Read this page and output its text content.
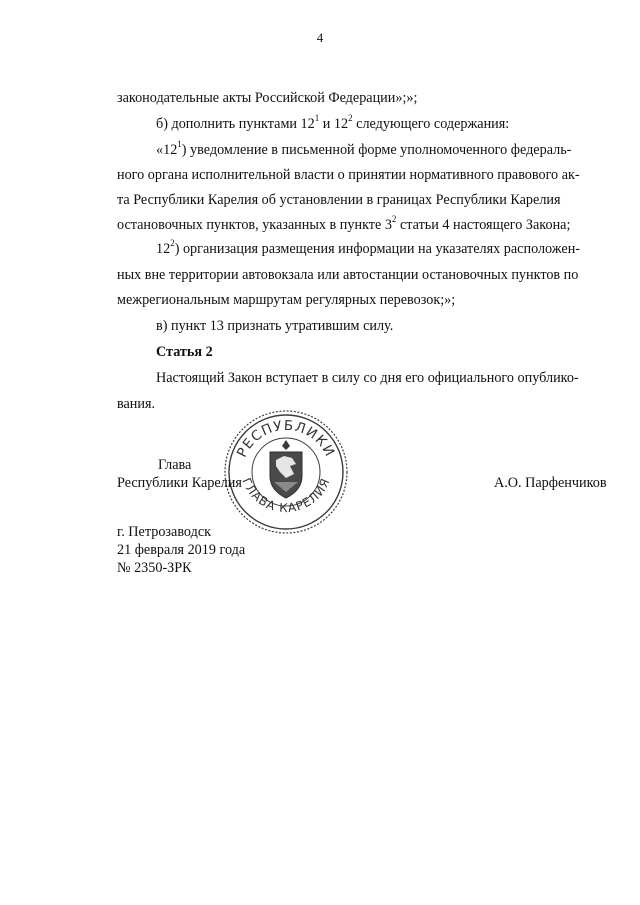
4
законодательные акты Российской Федерации»;»;
б) дополнить пунктами $12^1$ и $12^2$ следующего содержания:
«$12^1$) уведомление в письменной форме уполномоченного федераль-
ного органа исполнительной власти о принятии нормативного правового ак-
та Республики Карелия об установлении в границах Республики Карелия
остановочных пунктов, указанных в пункте $3^2$ статьи 4 настоящего Закона;
$12^2$) организация размещения информации на указателях расположен-
ных вне территории автовокзала или автостанции остановочных пунктов по
межрегиональным маршрутам регулярных перевозок;»;
в) пункт 13 признать утратившим силу.
Статья 2
Настоящий Закон вступает в силу со дня его официального опублико-
вания.
РЕСПУБЛИКИ
ГЛАВА КАРЕЛИЯ
Глава
Республики Карелия	А.О. Парфенчиков
г. Петрозаводск
21 февраля 2019 года
№ 2350-ЗРК
